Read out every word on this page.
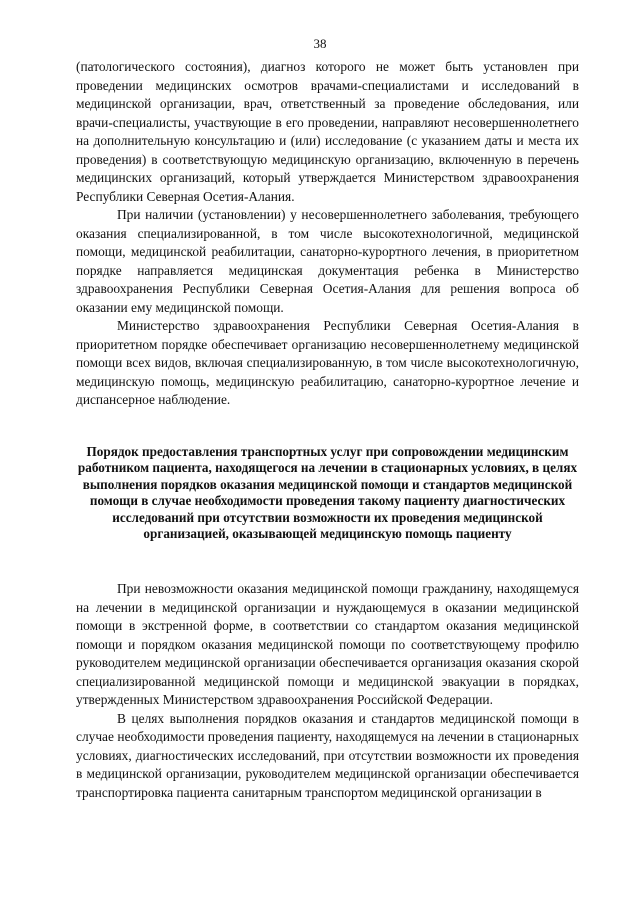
38

(патологического состояния), диагноз которого не может быть установлен при проведении медицинских осмотров врачами-специалистами и исследований в медицинской организации, врач, ответственный за проведение обследования, или врачи-специалисты, участвующие в его проведении, направляют несовершеннолетнего на дополнительную консультацию и (или) исследование (с указанием даты и места их проведения) в соответствующую медицинскую организацию, включенную в перечень медицинских организаций, который утверждается Министерством здравоохранения Республики Северная Осетия-Алания.

При наличии (установлении) у несовершеннолетнего заболевания, требующего оказания специализированной, в том числе высокотехнологичной, медицинской помощи, медицинской реабилитации, санаторно-курортного лечения, в приоритетном порядке направляется медицинская документация ребенка в Министерство здравоохранения Республики Северная Осетия-Алания для решения вопроса об оказании ему медицинской помощи.

Министерство здравоохранения Республики Северная Осетия-Алания в приоритетном порядке обеспечивает организацию несовершеннолетнему медицинской помощи всех видов, включая специализированную, в том числе высокотехнологичную, медицинскую помощь, медицинскую реабилитацию, санаторно-курортное лечение и диспансерное наблюдение.

Порядок предоставления транспортных услуг при сопровождении медицинским работником пациента, находящегося на лечении в стационарных условиях, в целях выполнения порядков оказания медицинской помощи и стандартов медицинской помощи в случае необходимости проведения такому пациенту диагностических исследований при отсутствии возможности их проведения медицинской организацией, оказывающей медицинскую помощь пациенту

При невозможности оказания медицинской помощи гражданину, находящемуся на лечении в медицинской организации и нуждающемуся в оказании медицинской помощи в экстренной форме, в соответствии со стандартом оказания медицинской помощи и порядком оказания медицинской помощи по соответствующему профилю руководителем медицинской организации обеспечивается организация оказания скорой специализированной медицинской помощи и медицинской эвакуации в порядках, утвержденных Министерством здравоохранения Российской Федерации.

В целях выполнения порядков оказания и стандартов медицинской помощи в случае необходимости проведения пациенту, находящемуся на лечении в стационарных условиях, диагностических исследований, при отсутствии возможности их проведения в медицинской организации, руководителем медицинской организации обеспечивается транспортировка пациента санитарным транспортом медицинской организации в
